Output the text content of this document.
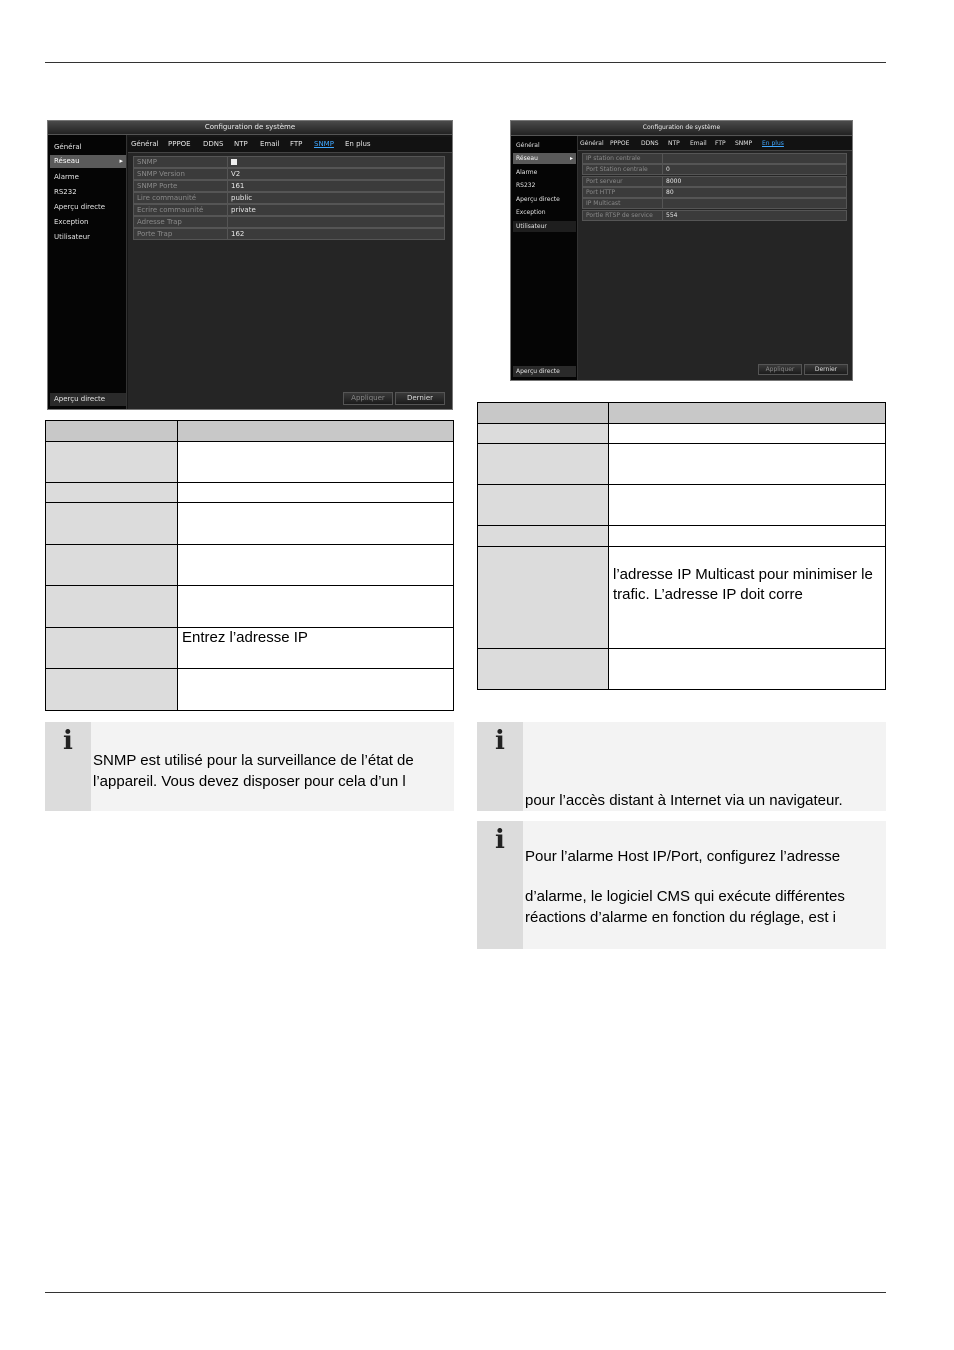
Configuration de système
Général
Réseau	▸
Alarme
RS232
Aperçu directe
Exception
Utilisateur
Aperçu directe
Général PPPOE DDNS NTP Email FTP SNMP En plus
SNMP
SNMP Version	V2
SNMP Porte	161
Lire commaunité	public
Ecrire commaunité	private
Adresse Trap
Porte Trap	162
Appliquer	Dernier
Configuration de système
Général
Réseau	▸
Alarme
RS232
Aperçu directe
Exception
Utilisateur
Aperçu directe
Général PPPOE DDNS NTP Email FTP SNMP En plus
IP station centrale
Port Station centrale	0
Port serveur	8000
Port HTTP	80
IP Multicast
Portle RTSP de service 554
Appliquer	Dernier

	Entrez l’adresse IP

	l’adresse IP Multicast pour minimiser le trafic. L’adresse IP doit corre

i
SNMP est utilisé pour la surveillance de l’état de
l’appareil. Vous devez disposer pour cela d’un l
i
pour l’accès distant à Internet via un navigateur.
i
Pour l’alarme Host IP/Port, configurez l’adresse
d’alarme, le logiciel CMS qui exécute différentes
réactions d’alarme en fonction du réglage, est i
